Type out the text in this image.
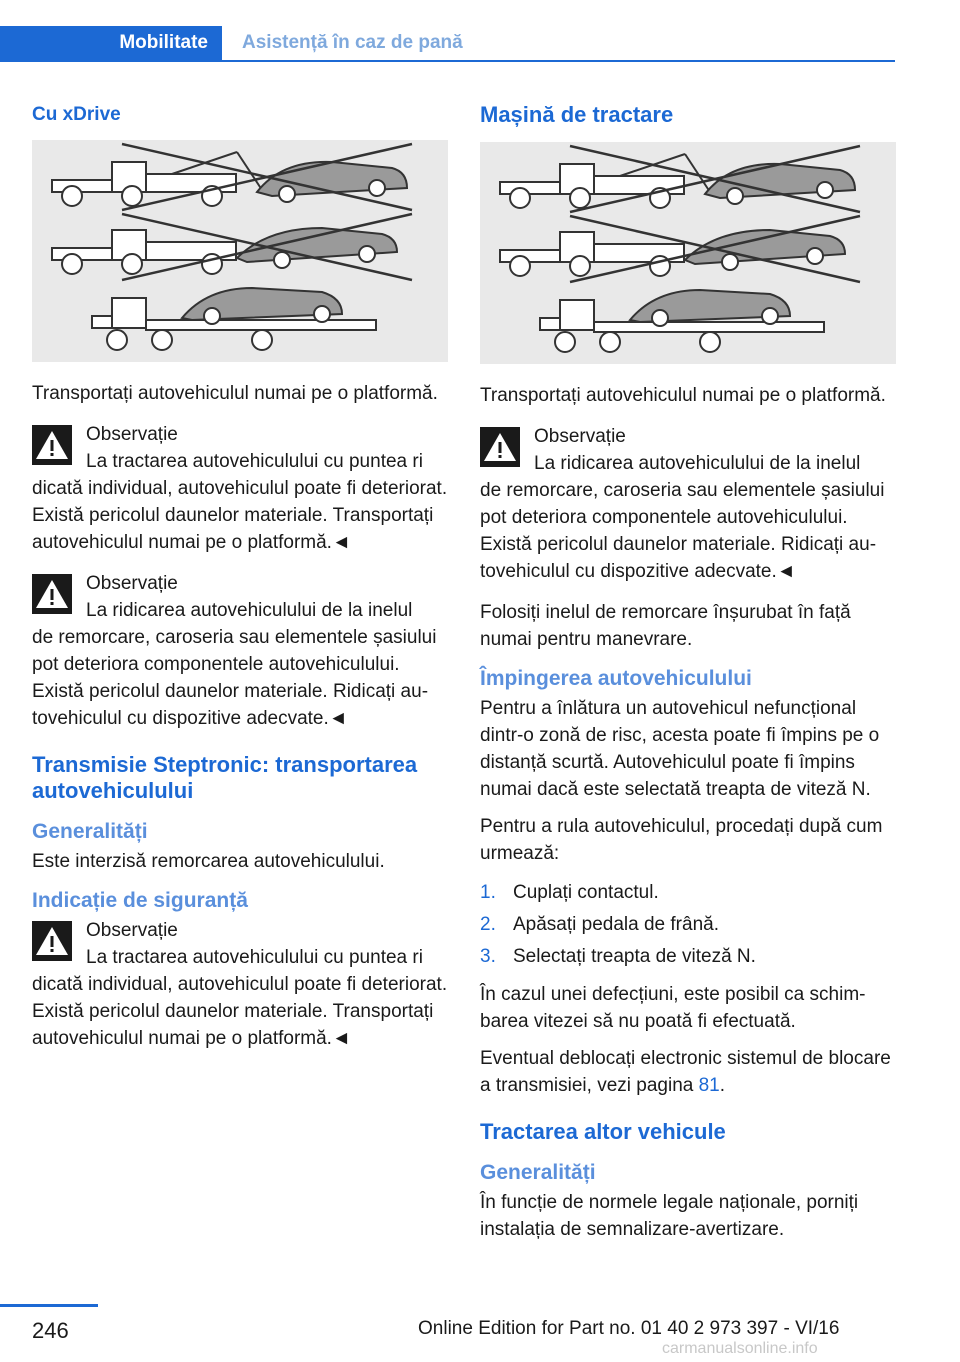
Mobilitate	Asistență în caz de pană
Cu xDrive

Transportați autovehiculul numai pe o platformă.

Observație
La tractarea autovehiculului cu puntea ri
dicată individual, autovehiculul poate fi deteriorat. Există pericolul daunelor materiale. Transportați autovehiculul numai pe o platformă.◄
Observație
La ridicarea autovehiculului de la inelul
de remorcare, caroseria sau elementele șasiului pot deteriora componentele autovehiculului. Există pericolul daunelor materiale. Ridicați autovehiculul cu dispozitive adecvate.◄
Transmisie Steptronic: transportarea autovehiculului
Generalități

Este interzisă remorcarea autovehiculului.

Indicație de siguranță
Observație
La tractarea autovehiculului cu puntea ri
dicată individual, autovehiculul poate fi deteriorat. Există pericolul daunelor materiale. Transportați autovehiculul numai pe o platformă.◄
Mașină de tractare

Transportați autovehiculul numai pe o platformă.

Observație
La ridicarea autovehiculului de la inelul
de remorcare, caroseria sau elementele șasiului pot deteriora componentele autovehiculului. Există pericolul daunelor materiale. Ridicați autovehiculul cu dispozitive adecvate.◄

Folosiți inelul de remorcare înșurubat în față numai pentru manevrare.

Împingerea autovehiculului

Pentru a înlătura un autovehicul nefuncțional dintr-o zonă de risc, acesta poate fi împins pe o distanță scurtă. Autovehiculul poate fi împins numai dacă este selectată treapta de viteză N.

Pentru a rula autovehiculul, procedați după cum urmează:

1. Cuplați contactul.
2. Apăsați pedala de frână.
3. Selectați treapta de viteză N.

În cazul unei defecțiuni, este posibil ca schimbarea vitezei să nu poată fi efectuată.

Eventual deblocați electronic sistemul de blocare a transmisiei, vezi pagina 81.

Tractarea altor vehicule
Generalități

În funcție de normele legale naționale, porniți instalația de semnalizare-avertizare.

246	Online Edition for Part no. 01 40 2 973 397 - VI/16
carmanualsonline.info
